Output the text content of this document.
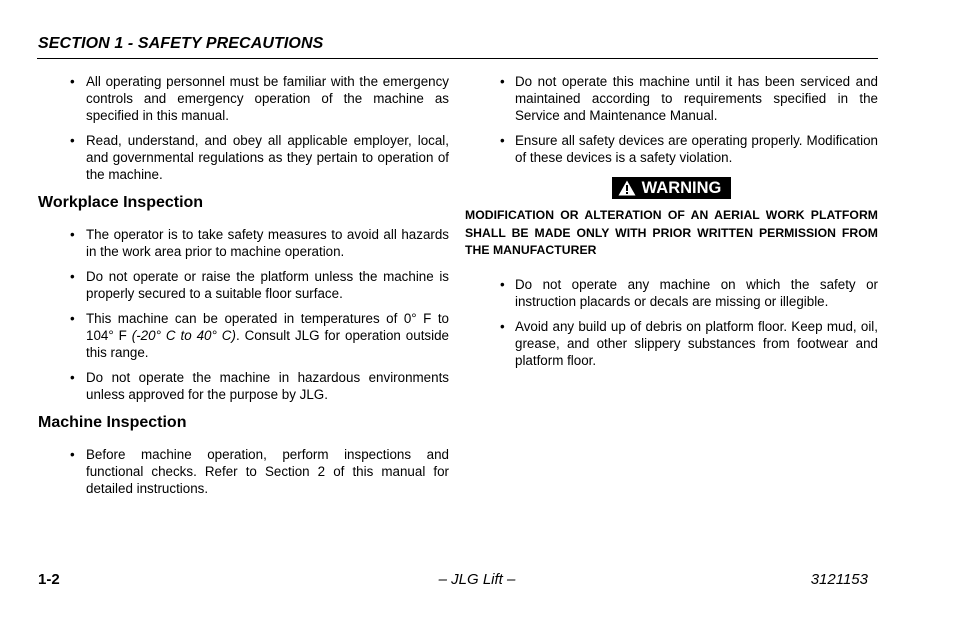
SECTION 1 - SAFETY PRECAUTIONS
• All operating personnel must be familiar with the emergency controls and emergency operation of the machine as specified in this manual.
• Read, understand, and obey all applicable employer, local, and governmental regulations as they pertain to operation of the machine.
Workplace Inspection
• The operator is to take safety measures to avoid all hazards in the work area prior to machine operation.
• Do not operate or raise the platform unless the machine is properly secured to a suitable floor surface.
• This machine can be operated in temperatures of 0° F to 104° F (-20° C to 40° C). Consult JLG for operation outside this range.
• Do not operate the machine in hazardous environments unless approved for the purpose by JLG.
Machine Inspection
• Before machine operation, perform inspections and functional checks. Refer to Section 2 of this manual for detailed instructions.
• Do not operate this machine until it has been serviced and maintained according to requirements specified in the Service and Maintenance Manual.
• Ensure all safety devices are operating properly. Modification of these devices is a safety violation.
WARNING

MODIFICATION OR ALTERATION OF AN AERIAL WORK PLATFORM SHALL BE MADE ONLY WITH PRIOR WRITTEN PERMISSION FROM THE MANUFACTURER

• Do not operate any machine on which the safety or instruction placards or decals are missing or illegible.
• Avoid any build up of debris on platform floor. Keep mud, oil, grease, and other slippery substances from footwear and platform floor.
1-2	– JLG Lift –	3121153
